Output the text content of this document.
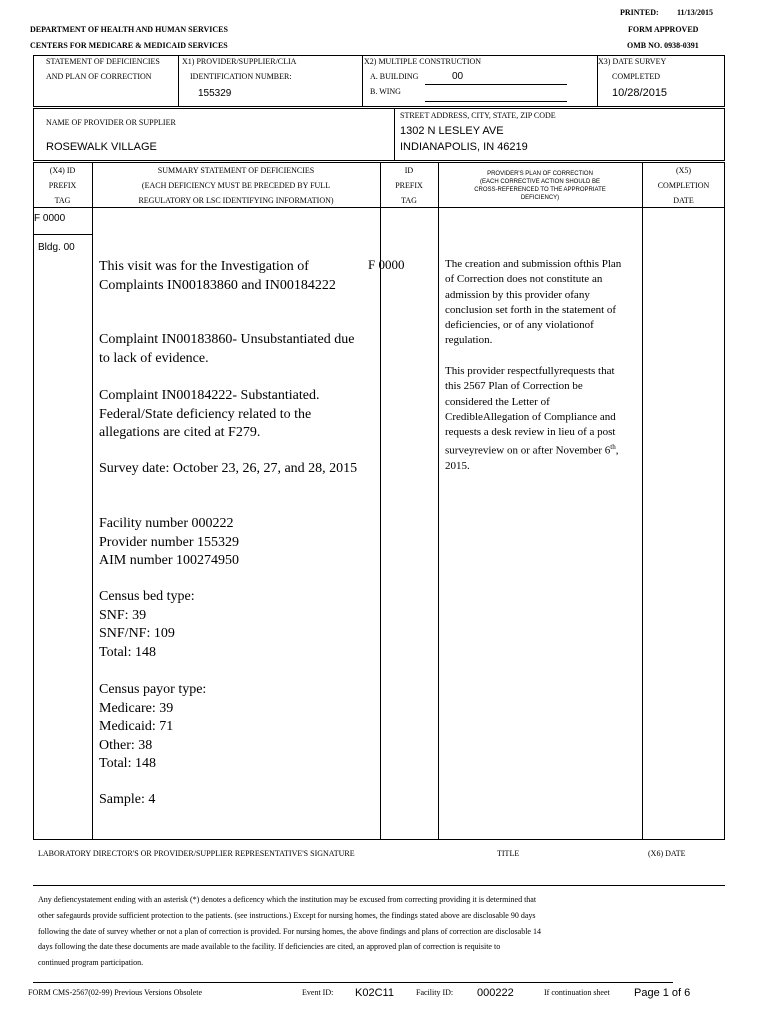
PRINTED: 11/13/2015
DEPARTMENT OF HEALTH AND HUMAN SERVICES	FORM APPROVED
CENTERS FOR MEDICARE & MEDICAID SERVICES	OMB NO. 0938-0391
STATEMENT OF DEFICIENCIES
AND PLAN OF CORRECTION
X1) PROVIDER/SUPPLIER/CLIA
IDENTIFICATION NUMBER:
155329
X2) MULTIPLE CONSTRUCTION
A. BUILDING	00
B. WING
X3) DATE SURVEY
COMPLETED
10/28/2015
NAME OF PROVIDER OR SUPPLIER
ROSEWALK VILLAGE
STREET ADDRESS, CITY, STATE, ZIP CODE
1302 N LESLEY AVE
INDIANAPOLIS, IN 46219
(X4) ID
PREFIX
TAG
SUMMARY STATEMENT OF DEFICIENCIES
(EACH DEFICIENCY MUST BE PRECEDED BY FULL
REGULATORY OR LSC IDENTIFYING INFORMATION)
ID
PREFIX
TAG
PROVIDER'S PLAN OF CORRECTION
(EACH CORRECTIVE ACTION SHOULD BE
CROSS-REFERENCED TO THE APPROPRIATE
DEFICIENCY)
(X5)
COMPLETION
DATE
F 0000
Bldg. 00
This visit was for the Investigation of Complaints IN00183860 and IN00184222
Complaint IN00183860- Unsubstantiated due to lack of evidence.
Complaint IN00184222- Substantiated. Federal/State deficiency related to the allegations are cited at F279.
Survey date: October 23, 26, 27, and 28, 2015
Facility number 000222
Provider number 155329
AIM number 100274950
Census bed type:
SNF: 39
SNF/NF: 109
Total: 148
Census payor type:
Medicare: 39
Medicaid: 71
Other: 38
Total: 148
Sample: 4
F 0000	The creation and submission ofthis Plan of Correction does not constitute an admission by this provider ofany conclusion set forth in the statement of deficiencies, or of any violationof regulation.
This provider respectfullyrequests that this 2567 Plan of Correction be considered the Letter of CredibleAllegation of Compliance and requests a desk review in lieu of a post surveyreview on or after November 6th, 2015.
LABORATORY DIRECTOR'S OR PROVIDER/SUPPLIER REPRESENTATIVE'S SIGNATURE	TITLE	(X6) DATE
Any defiencystatement ending with an asterisk (*) denotes a deficency which the institution may be excused from correcting providing it is determined that
other safegaurds provide sufficient protection to the patients. (see instructions.) Except for nursing homes, the findings stated above are disclosable 90 days
following the date of survey whether or not a plan of correction is provided. For nursing homes, the above findings and plans of correction are disclosable 14
days following the date these documents are made available to the facility. If deficiencies are cited, an approved plan of correction is requisite to
continued program participation.
FORM CMS-2567(02-99) Previous Versions Obsolete	Event ID: K02C11	Facility ID: 000222	If continuation sheet Page 1 of 6
